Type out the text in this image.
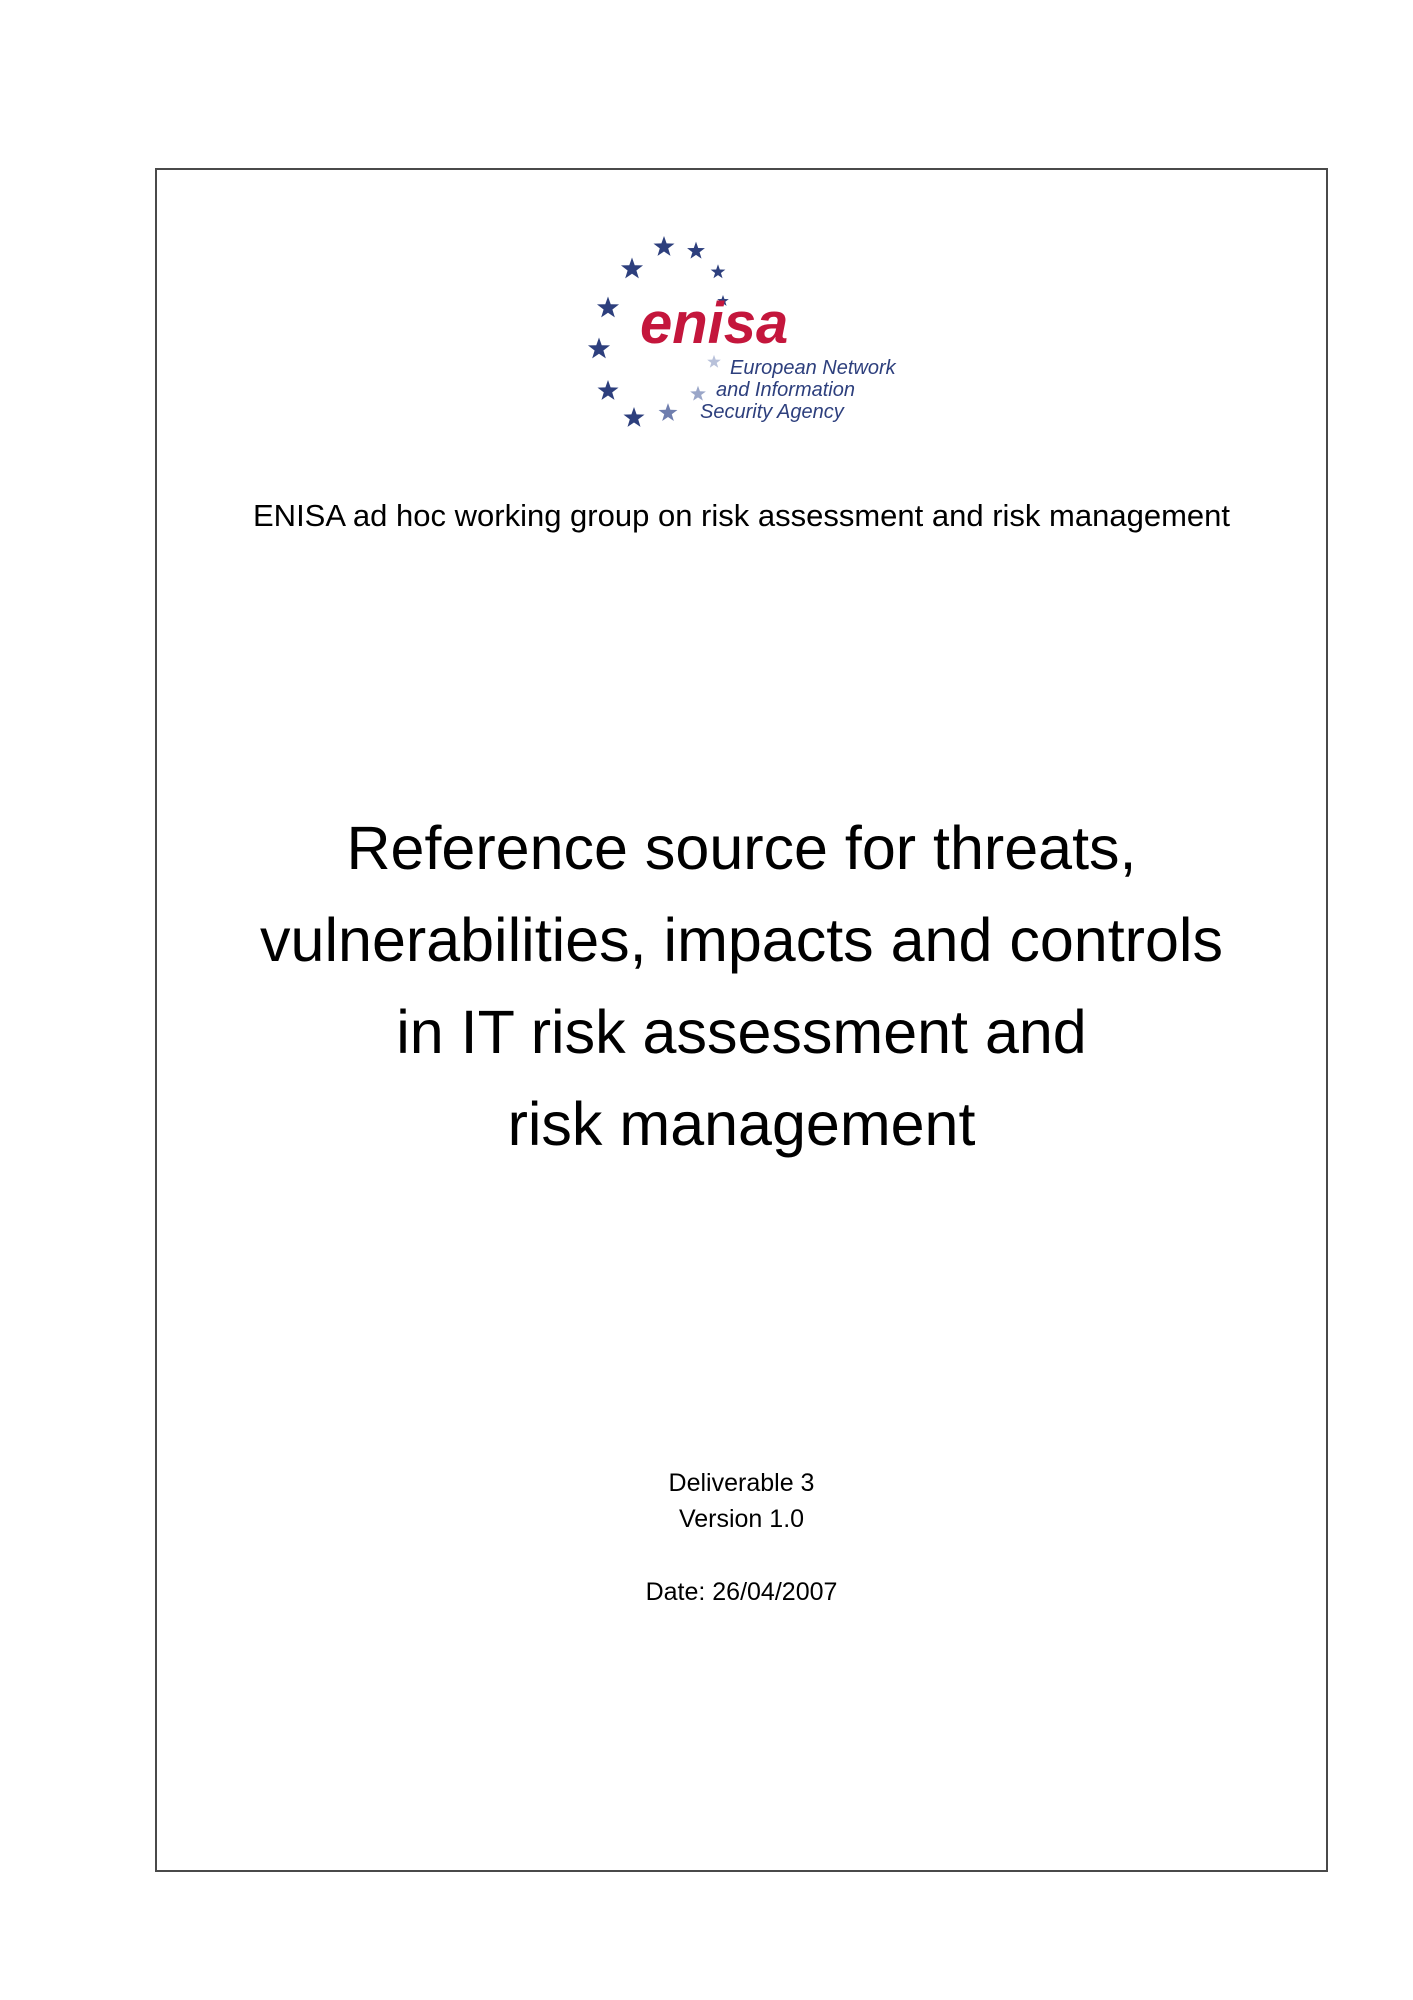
enisa
European Network
and Information
Security Agency
ENISA ad hoc working group on risk assessment and risk management
Reference source for threats,
vulnerabilities, impacts and controls
in IT risk assessment and
risk management
Deliverable 3
Version 1.0
Date: 26/04/2007
